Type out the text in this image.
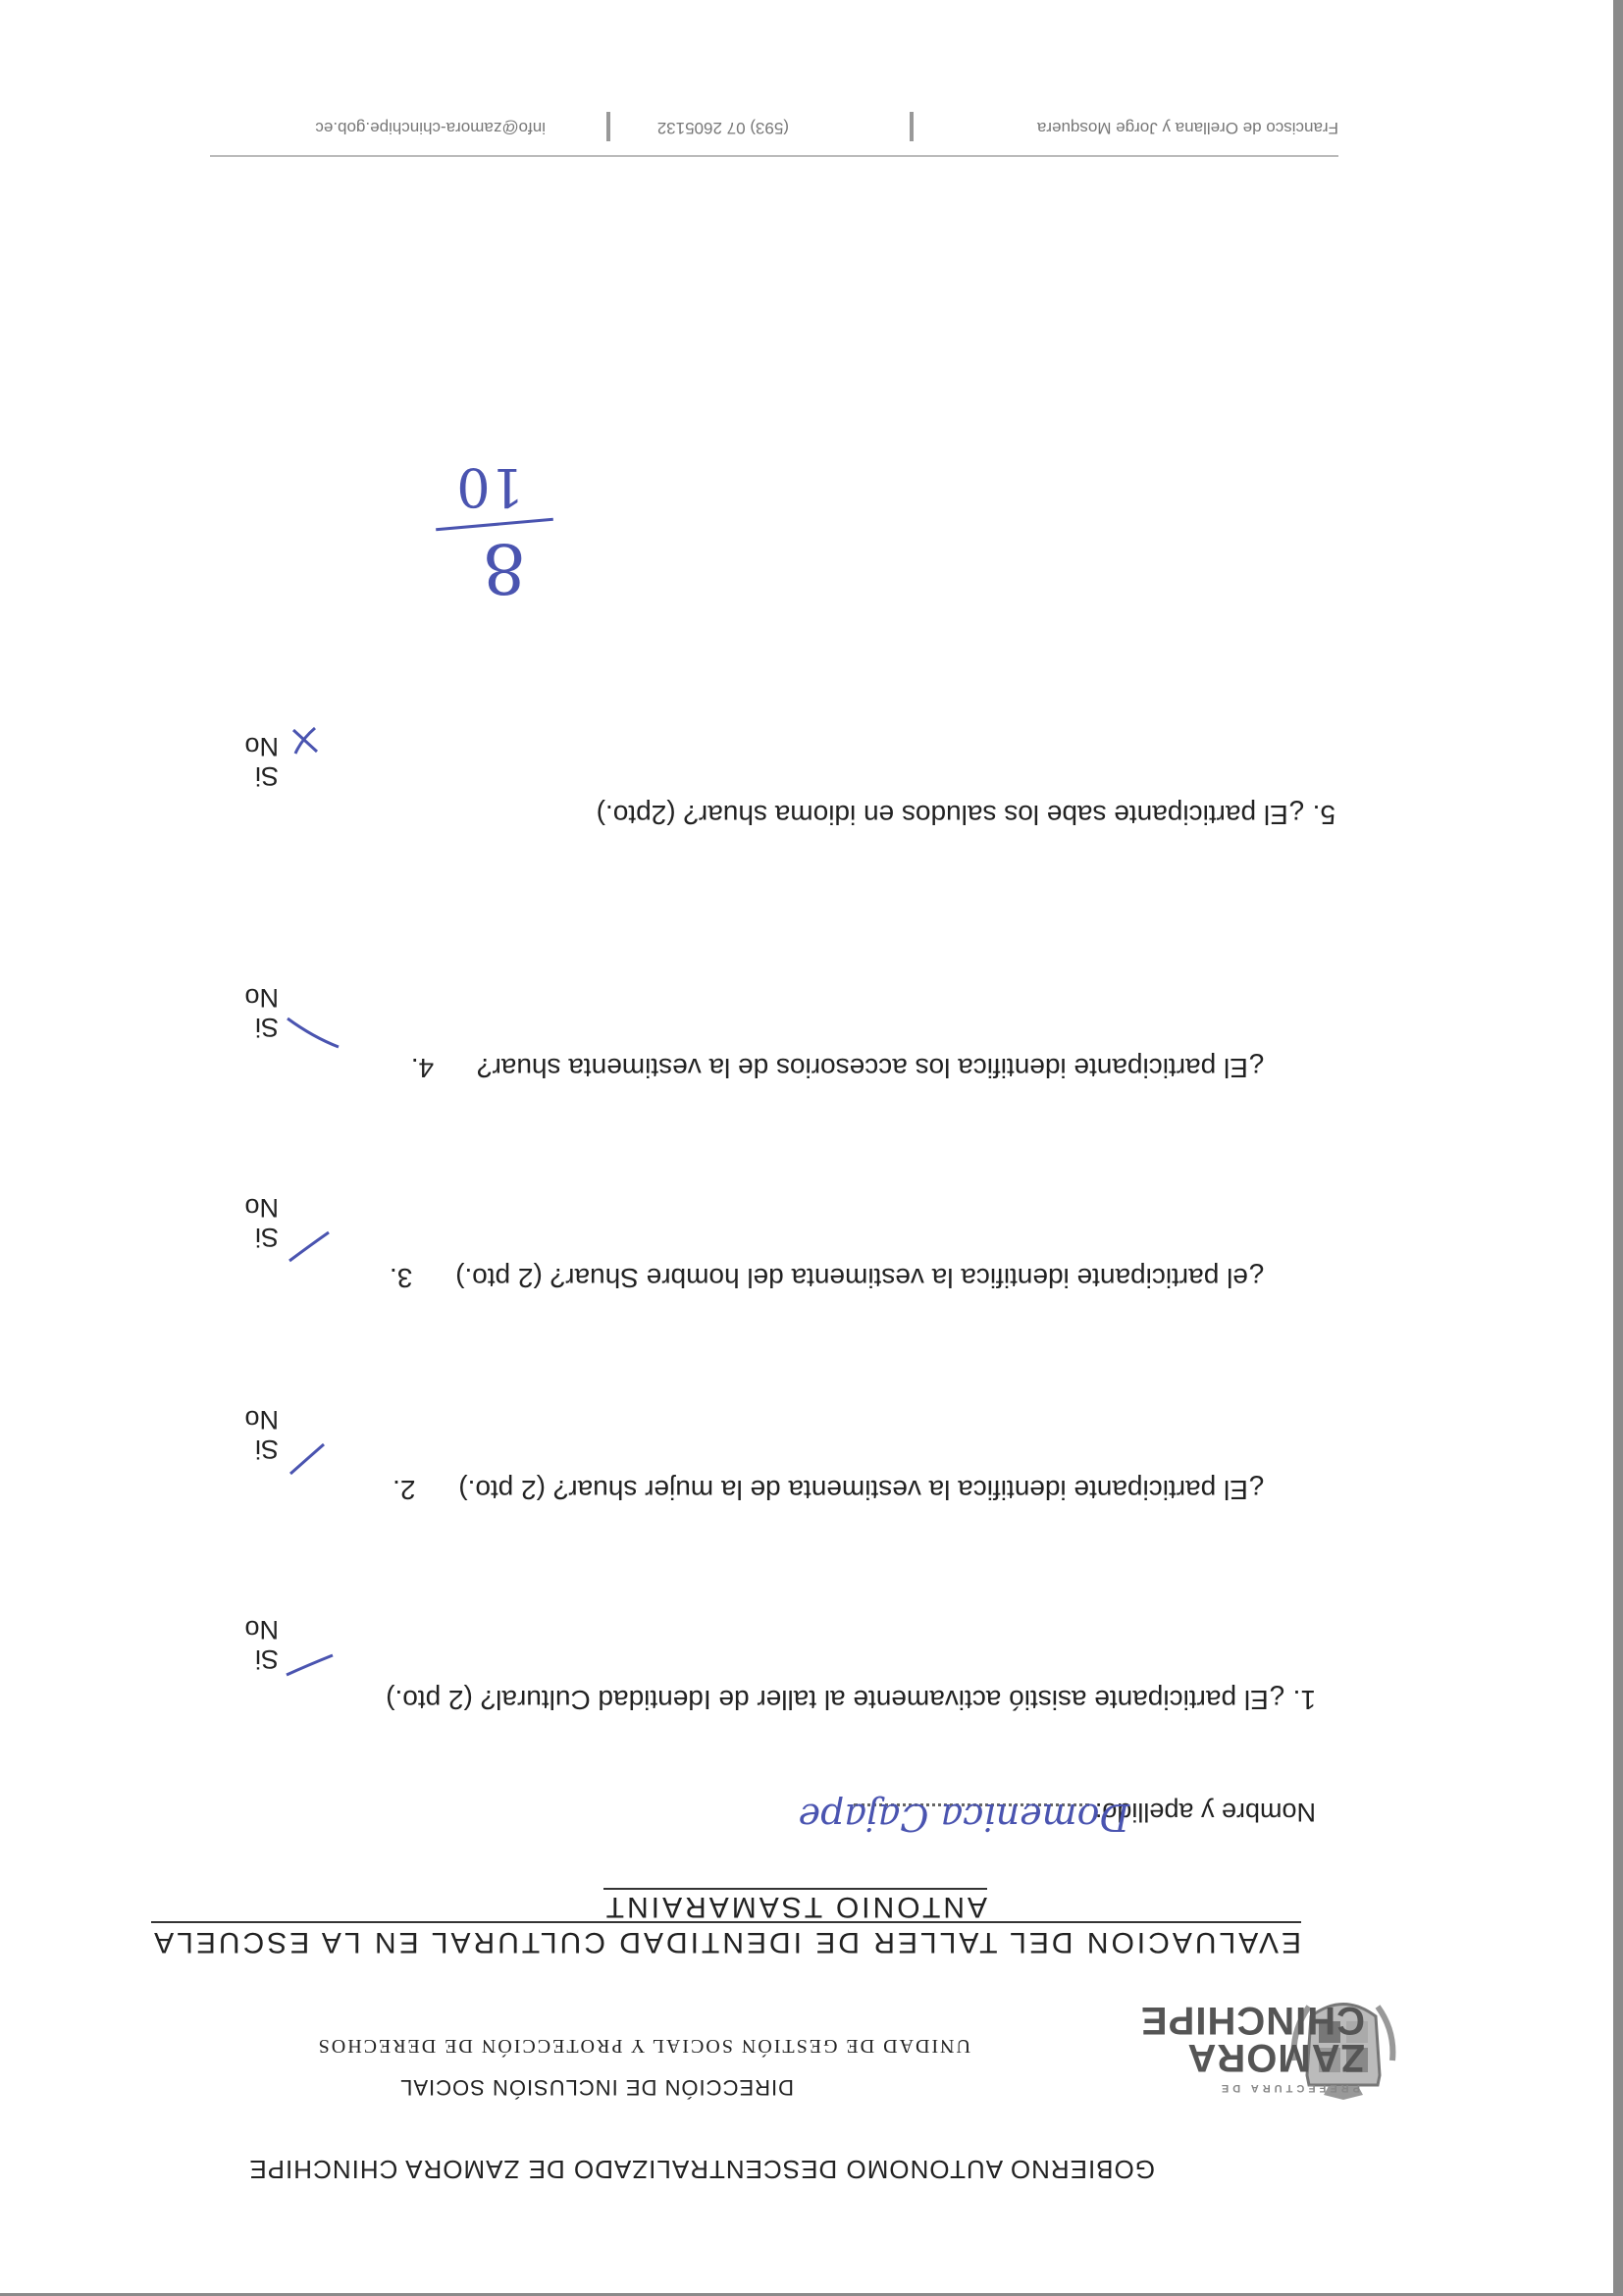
GOBIERNO AUTONOMO DESCENTRALIZADO DE ZAMORA CHINCHIPE
PREFECTURA DE
ZAMORA
CHINCHIPE
DIRECCIÓN DE INCLUSIÓN SOCIAL
UNIDAD DE GESTIÓN SOCIAL Y PROTECCIÓN DE DERECHOS
EVALUACION DEL TALLER DE IDENTIDAD CULTURAL EN LA ESCUELA
ANTONIO TSAMARAINT
Nombre y apellido:
Domenica Cajape
1. ¿El participante asistió activamente al taller de Identidad Cultural? (2 pto.)
Si
No
¿El participante identifica la vestimenta de la mujer shuar? (2 pto.) 2.
Si
No
¿el participante identifica la vestimenta del hombre Shuar? (2 pto.) 3.
Si
No
¿El participante identifica los accesorios de la vestimenta shuar? 4.
Si
No
5. ¿El participante sabe los saludos en idioma shuar? (2pto.)
Si
No
8
10
Francisco de Orellana y Jorge Mosquera
(593) 07 2605132
info@zamora-chinchipe.gob.ec
